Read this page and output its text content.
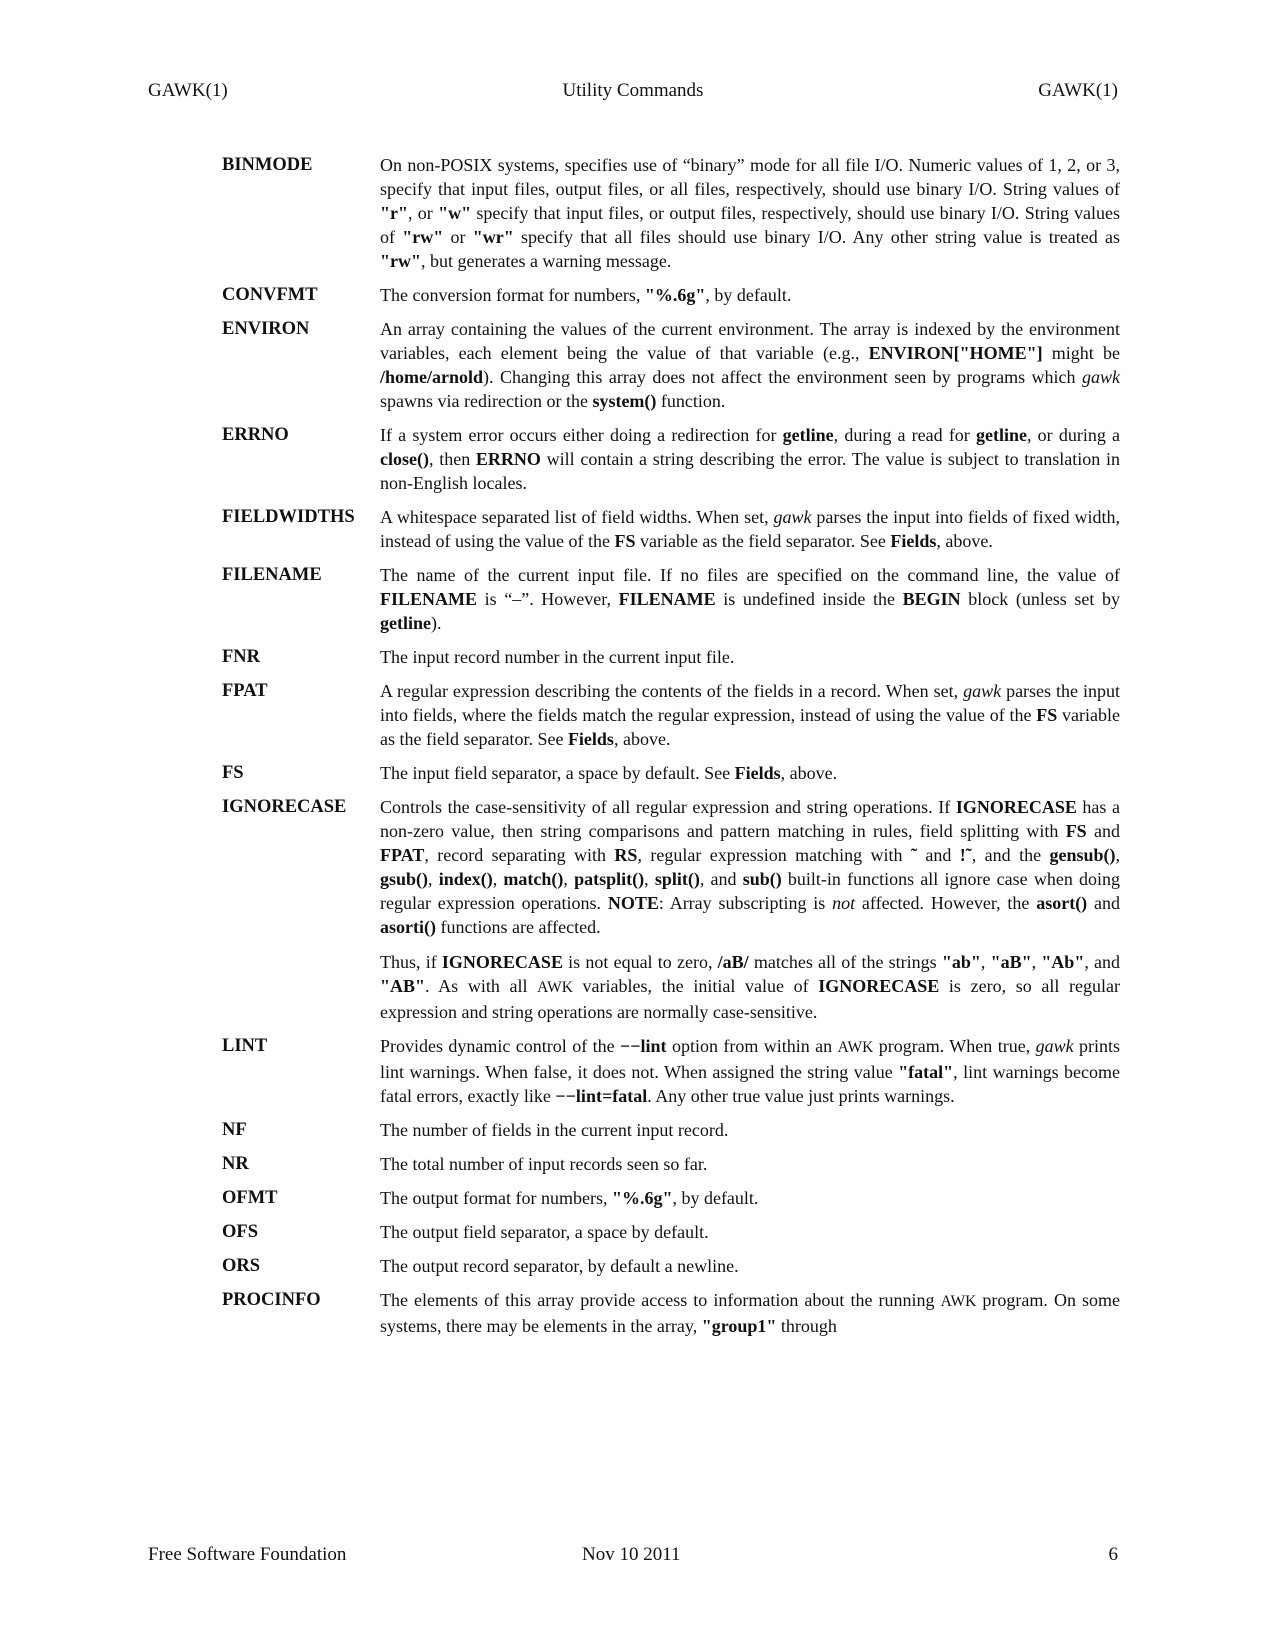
GAWK(1)	Utility Commands	GAWK(1)
BINMODE	On non-POSIX systems, specifies use of “binary” mode for all file I/O. Numeric values of 1, 2, or 3, specify that input files, output files, or all files, respectively, should use binary I/O. String values of "r", or "w" specify that input files, or output files, respectively, should use binary I/O. String values of "rw" or "wr" specify that all files should use binary I/O. Any other string value is treated as "rw", but generates a warning message.

CONVFMT	The conversion format for numbers, "%.6g", by default.

ENVIRON	An array containing the values of the current environment. The array is indexed by the environment variables, each element being the value of that variable (e.g., ENVIRON["HOME"] might be /home/arnold). Changing this array does not affect the environment seen by programs which gawk spawns via redirection or the system() function.

ERRNO	If a system error occurs either doing a redirection for getline, during a read for getline, or during a close(), then ERRNO will contain a string describing the error. The value is subject to translation in non-English locales.

FIELDWIDTHS A whitespace separated list of field widths. When set, gawk parses the input into fields of fixed width, instead of using the value of the FS variable as the field separator. See Fields, above.

FILENAME	The name of the current input file. If no files are specified on the command line, the value of FILENAME is “–”. However, FILENAME is undefined inside the BEGIN block (unless set by getline).

FNR	The input record number in the current input file.

FPAT	A regular expression describing the contents of the fields in a record. When set, gawk parses the input into fields, where the fields match the regular expression, instead of using the value of the FS variable as the field separator. See Fields, above.

FS	The input field separator, a space by default. See Fields, above.

IGNORECASE Controls the case-sensitivity of all regular expression and string operations. If IGNORECASE has a non-zero value, then string comparisons and pattern matching in rules, field splitting with FS and FPAT, record separating with RS, regular expression matching with ˜ and !˜, and the gensub(), gsub(), index(), match(), patsplit(), split(), and sub() built-in functions all ignore case when doing regular expression operations. NOTE: Array subscripting is not affected. However, the asort() and asorti() functions are affected.

Thus, if IGNORECASE is not equal to zero, /aB/ matches all of the strings "ab", "aB", "Ab", and "AB". As with all AWK variables, the initial value of IGNORECASE is zero, so all regular expression and string operations are normally case-sensitive.

LINT	Provides dynamic control of the −−lint option from within an AWK program. When true, gawk prints lint warnings. When false, it does not. When assigned the string value "fatal", lint warnings become fatal errors, exactly like −−lint=fatal. Any other true value just prints warnings.

NF	The number of fields in the current input record.

NR	The total number of input records seen so far.

OFMT	The output format for numbers, "%.6g", by default.

OFS	The output field separator, a space by default.

ORS	The output record separator, by default a newline.

PROCINFO	The elements of this array provide access to information about the running AWK program. On some systems, there may be elements in the array, "group1" through

Free Software Foundation	Nov 10 2011	6
